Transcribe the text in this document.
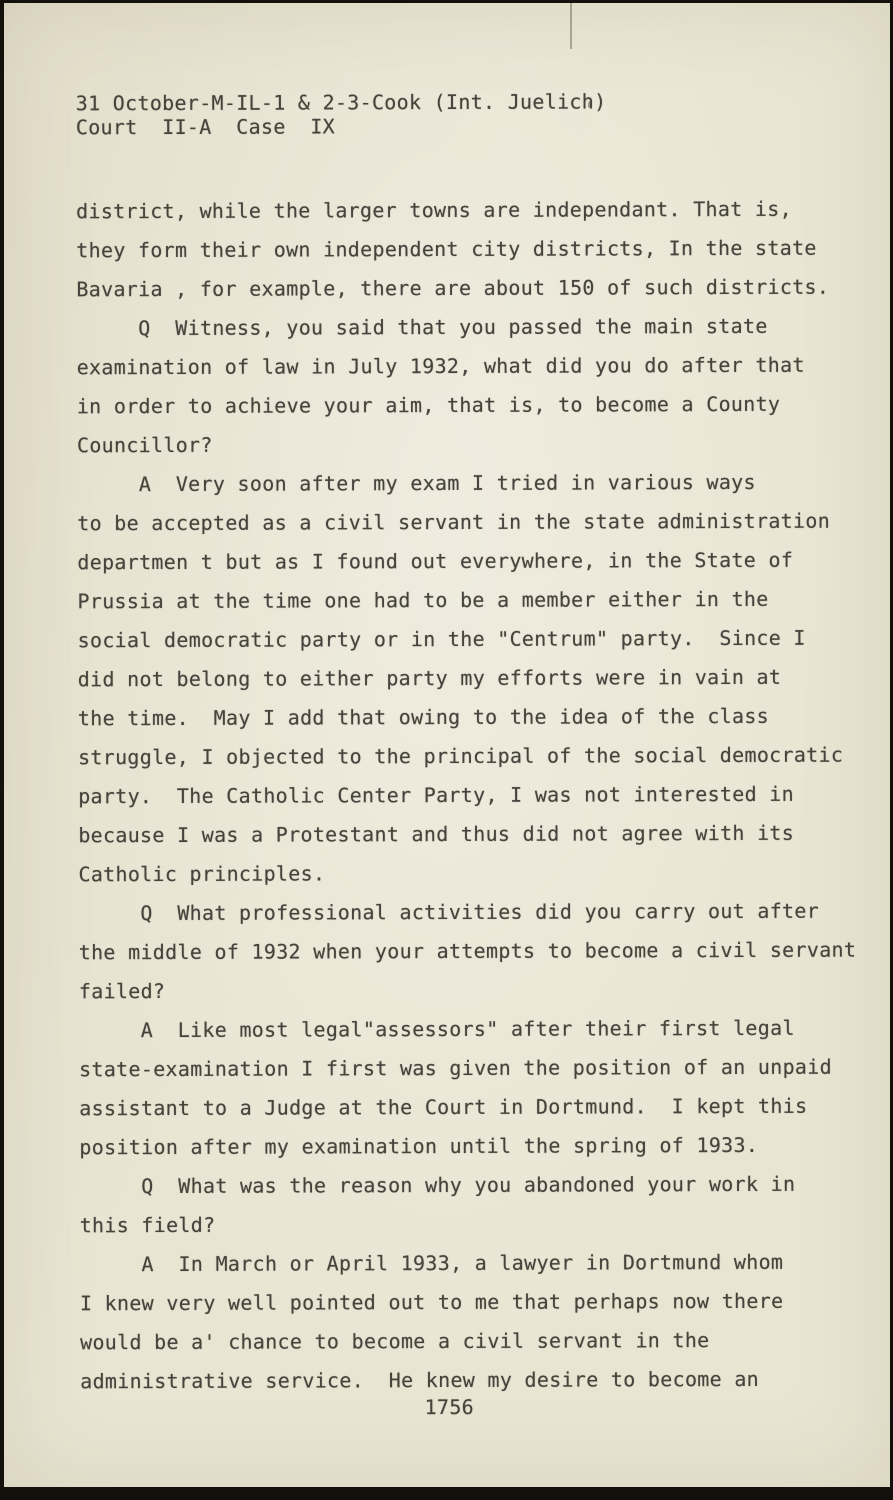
31 October-M-IL-1 & 2-3-Cook (Int. Juelich)
Court  II-A  Case  IX
district, while the larger towns are independant. That is,
they form their own independent city districts, In the state
Bavaria , for example, there are about 150 of such districts.
Q  Witness, you said that you passed the main state
examination of law in July 1932, what did you do after that
in order to achieve your aim, that is, to become a County
Councillor?
A  Very soon after my exam I tried in various ways
to be accepted as a civil servant in the state administration
departmen t but as I found out everywhere, in the State of
Prussia at the time one had to be a member either in the
social democratic party or in the "Centrum" party.  Since I
did not belong to either party my efforts were in vain at
the time.  May I add that owing to the idea of the class
struggle, I objected to the principal of the social democratic
party.  The Catholic Center Party, I was not interested in
because I was a Protestant and thus did not agree with its
Catholic principles.
Q  What professional activities did you carry out after
the middle of 1932 when your attempts to become a civil servant
failed?
A  Like most legal"assessors" after their first legal
state-examination I first was given the position of an unpaid
assistant to a Judge at the Court in Dortmund.  I kept this
position after my examination until the spring of 1933.
Q  What was the reason why you abandoned your work in
this field?
A  In March or April 1933, a lawyer in Dortmund whom
I knew very well pointed out to me that perhaps now there
would be a' chance to become a civil servant in the
administrative service.  He knew my desire to become an
1756
